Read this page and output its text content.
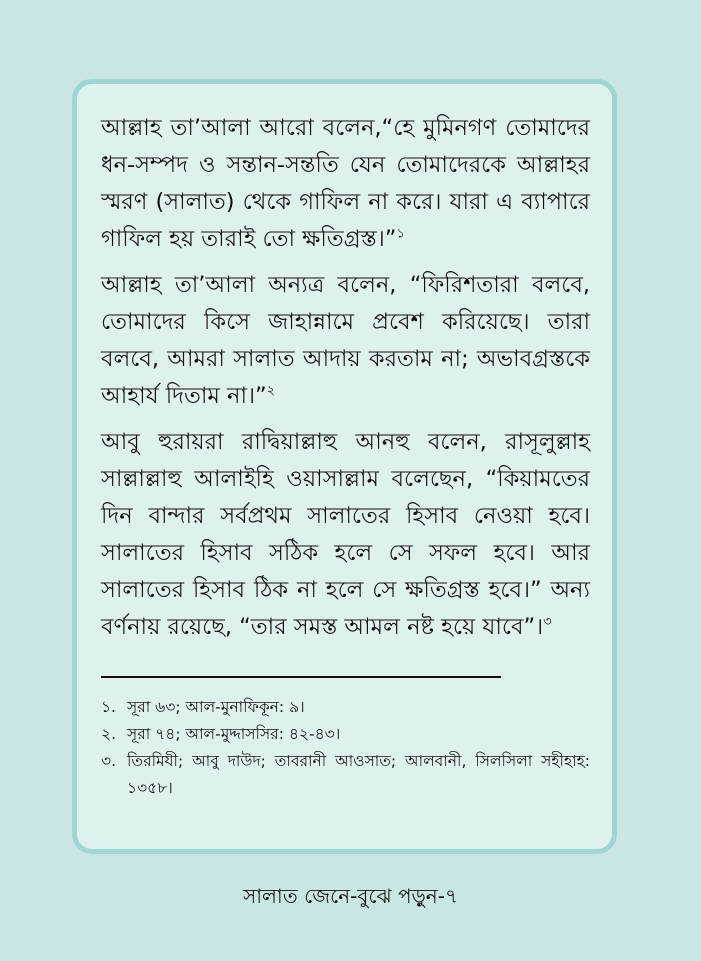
আল্লাহ তা’আলা আরো বলেন,“হে মুমিনগণ তোমাদের ধন-সম্পদ ও সন্তান-সন্ততি যেন তোমাদেরকে আল্লাহর স্মরণ (সালাত) থেকে গাফিল না করে। যারা এ ব্যাপারে গাফিল হয় তারাই তো ক্ষতিগ্রস্ত।”$^১$

আল্লাহ তা’আলা অন্যত্র বলেন, “ফিরিশতারা বলবে, তোমাদের কিসে জাহান্নামে প্রবেশ করিয়েছে। তারা বলবে, আমরা সালাত আদায় করতাম না; অভাবগ্রস্তকে আহার্য দিতাম না।”$^২$

আবু হুরায়রা রাদ্বিয়াল্লাহু আনহু বলেন, রাসূলুল্লাহ সাল্লাল্লাহু আলাইহি ওয়াসাল্লাম বলেছেন, “কিয়ামতের দিন বান্দার সর্বপ্রথম সালাতের হিসাব নেওয়া হবে। সালাতের হিসাব সঠিক হলে সে সফল হবে। আর সালাতের হিসাব ঠিক না হলে সে ক্ষতিগ্রস্ত হবে।” অন্য বর্ণনায় রয়েছে, “তার সমস্ত আমল নষ্ট হয়ে যাবে”।$^৩$

১. সূরা ৬৩; আল-মুনাফিকূন: ৯।
২. সূরা ৭৪; আল-মুদ্দাসসির: ৪২-৪৩।
৩. তিরমিযী; আবু দাউদ; তাবরানী আওসাত; আলবানী, সিলসিলা সহীহাহ: ১৩৫৮।
সালাত জেনে-বুঝে পড়ুন-৭
